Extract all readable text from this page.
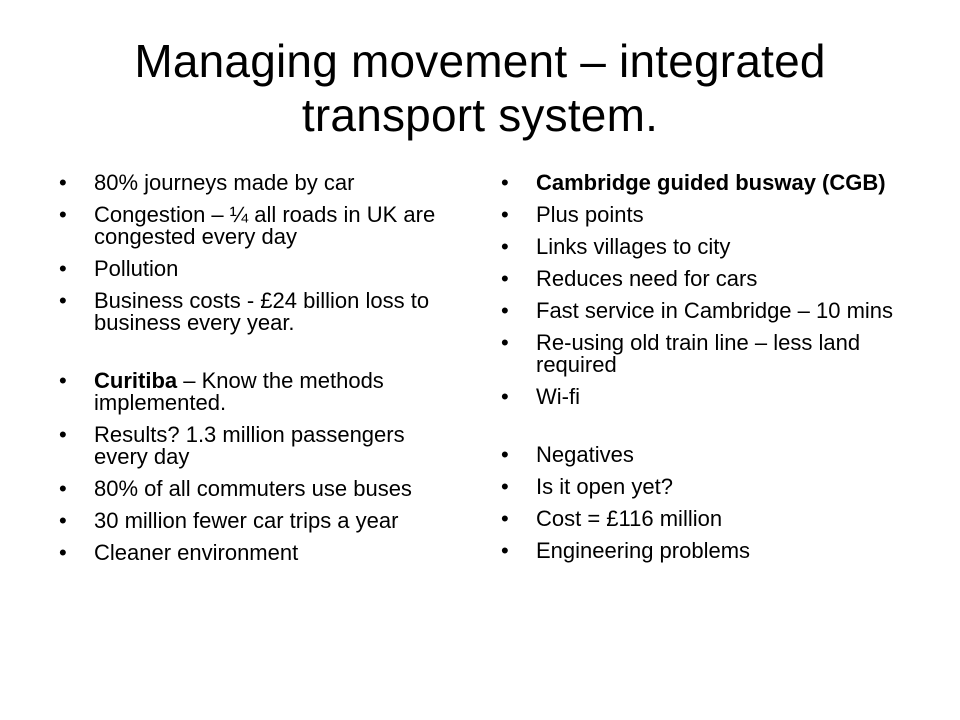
Managing movement – integrated transport system.
• 80% journeys made by car
• Congestion – ¼ all roads in UK are congested every day
• Pollution
• Business costs - £24 billion loss to business every year.
• Curitiba – Know the methods implemented.
• Results? 1.3 million passengers every day
• 80% of all commuters use buses
• 30 million fewer car trips a year
• Cleaner environment
• Cambridge guided busway (CGB)
• Plus points
• Links villages to city
• Reduces need for cars
• Fast service in Cambridge – 10 mins
• Re-using old train line – less land required
• Wi-fi
• Negatives
• Is it open yet?
• Cost = £116 million
• Engineering problems
